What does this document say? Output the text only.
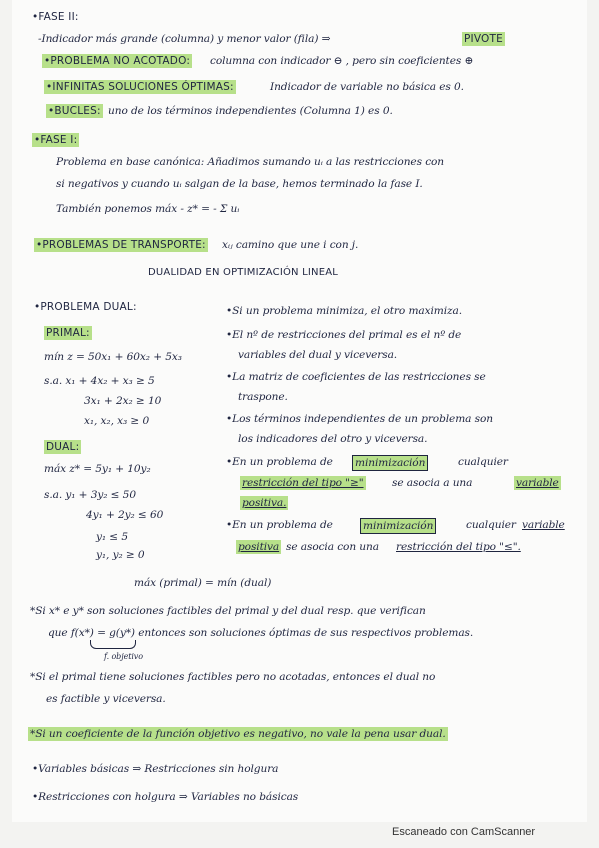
•FASE II:
-Indicador más grande (columna) y menor valor (fila) ⇒	PIVOTE
•PROBLEMA NO ACOTADO: columna con indicador ⊖ , pero sin coeficientes ⊕
•INFINITAS SOLUCIONES ÓPTIMAS:	Indicador de variable no básica es 0.
•BUCLES: uno de los términos independientes (Columna 1) es 0.
•FASE I:
Problema en base canónica: Añadimos sumando uᵢ a las restricciones con
si negativos y cuando uᵢ salgan de la base, hemos terminado la fase I.
También ponemos máx - z* = - Σ uᵢ
•PROBLEMAS DE TRANSPORTE: xᵢⱼ camino que une i con j.
DUALIDAD EN OPTIMIZACIÓN LINEAL
•PROBLEMA DUAL:
PRIMAL:
mín z = 50x₁ + 60x₂ + 5x₃
s.a. x₁ + 4x₂ + x₃ ≥ 5
3x₁ + 2x₂ ≥ 10
x₁, x₂, x₃ ≥ 0
DUAL:
máx z* = 5y₁ + 10y₂
s.a. y₁ + 3y₂ ≤ 50
4y₁ + 2y₂ ≤ 60
y₁ ≤ 5
y₁, y₂ ≥ 0
•Si un problema minimiza, el otro maximiza.
•El nº de restricciones del primal es el nº de
variables del dual y viceversa.
•La matriz de coeficientes de las restricciones se
traspone.
•Los términos independientes de un problema son
los indicadores del otro y viceversa.
•En un problema de minimización	cualquier
restricción del tipo "≥"	se asocia a una	variable
positiva.
•En un problema de	minimización	cualquier variable
positiva se asocia con una restricción del tipo "≤".
máx (primal) = mín (dual)
*Si x* e y* son soluciones factibles del primal y del dual resp. que verifican
que f(x*) = g(y*) entonces son soluciones óptimas de sus respectivos problemas.
f. objetivo
*Si el primal tiene soluciones factibles pero no acotadas, entonces el dual no
es factible y viceversa.
*Si un coeficiente de la función objetivo es negativo, no vale la pena usar dual.
•Variables básicas ⇒ Restricciones sin holgura
•Restricciones con holgura ⇒ Variables no básicas
Escaneado con CamScanner
